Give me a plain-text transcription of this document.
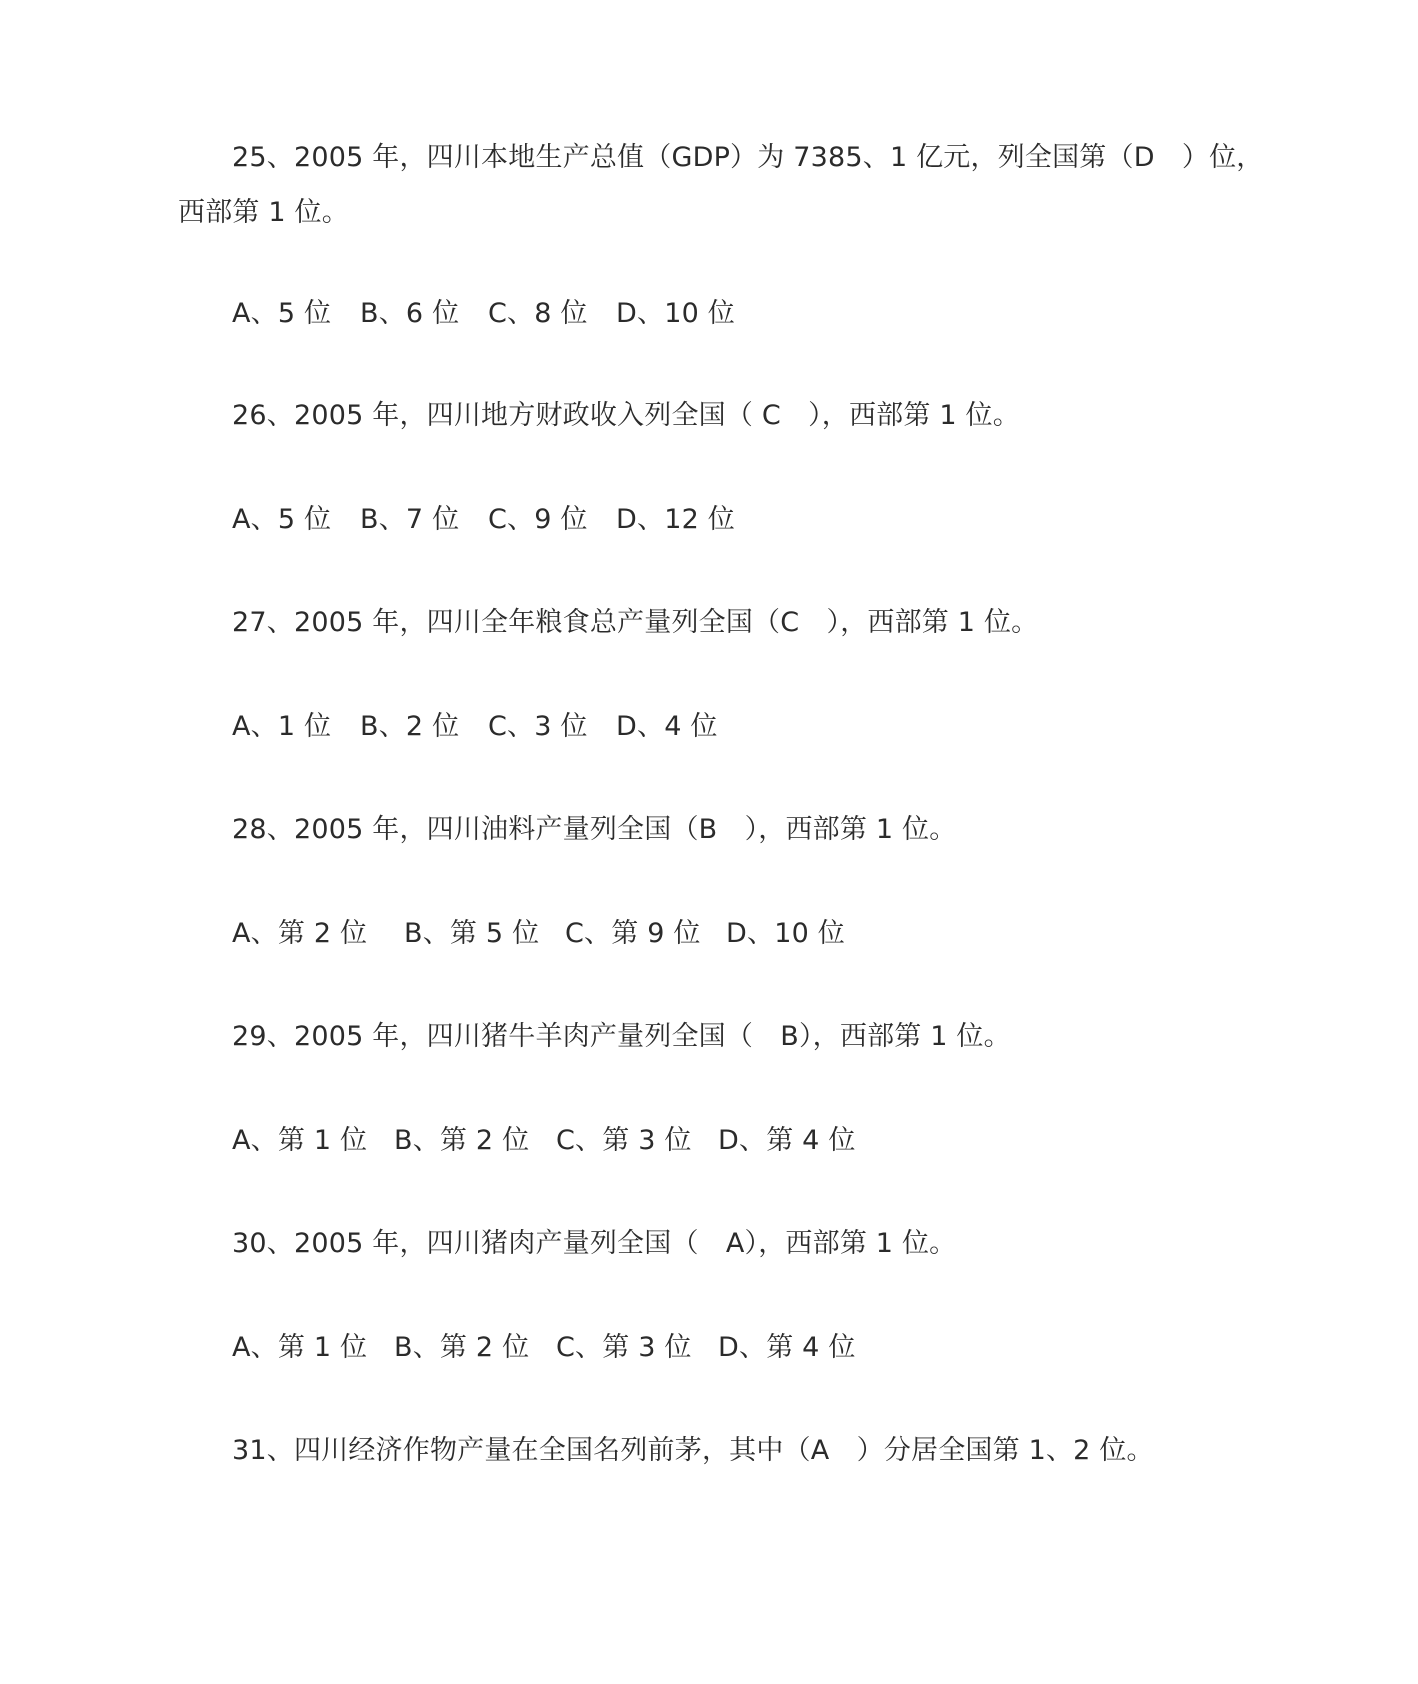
25、2005 年，四川本地生产总值（GDP）为 7385、1 亿元，列全国第（D　）位，
西部第 1 位。
A、5 位 B、6 位 C、8 位 D、10 位
26、2005 年，四川地方财政收入列全国（ C　），西部第 1 位。
A、5 位 B、7 位 C、9 位 D、12 位
27、2005 年，四川全年粮食总产量列全国（C　），西部第 1 位。
A、1 位 B、2 位 C、3 位 D、4 位
28、2005 年，四川油料产量列全国（B　），西部第 1 位。
A、第 2 位 B、第 5 位 C、第 9 位 D、10 位
29、2005 年，四川猪牛羊肉产量列全国（　B），西部第 1 位。
A、第 1 位 B、第 2 位 C、第 3 位 D、第 4 位
30、2005 年，四川猪肉产量列全国（　A），西部第 1 位。
A、第 1 位 B、第 2 位 C、第 3 位 D、第 4 位
31、四川经济作物产量在全国名列前茅，其中（A　）分居全国第 1、2 位。
